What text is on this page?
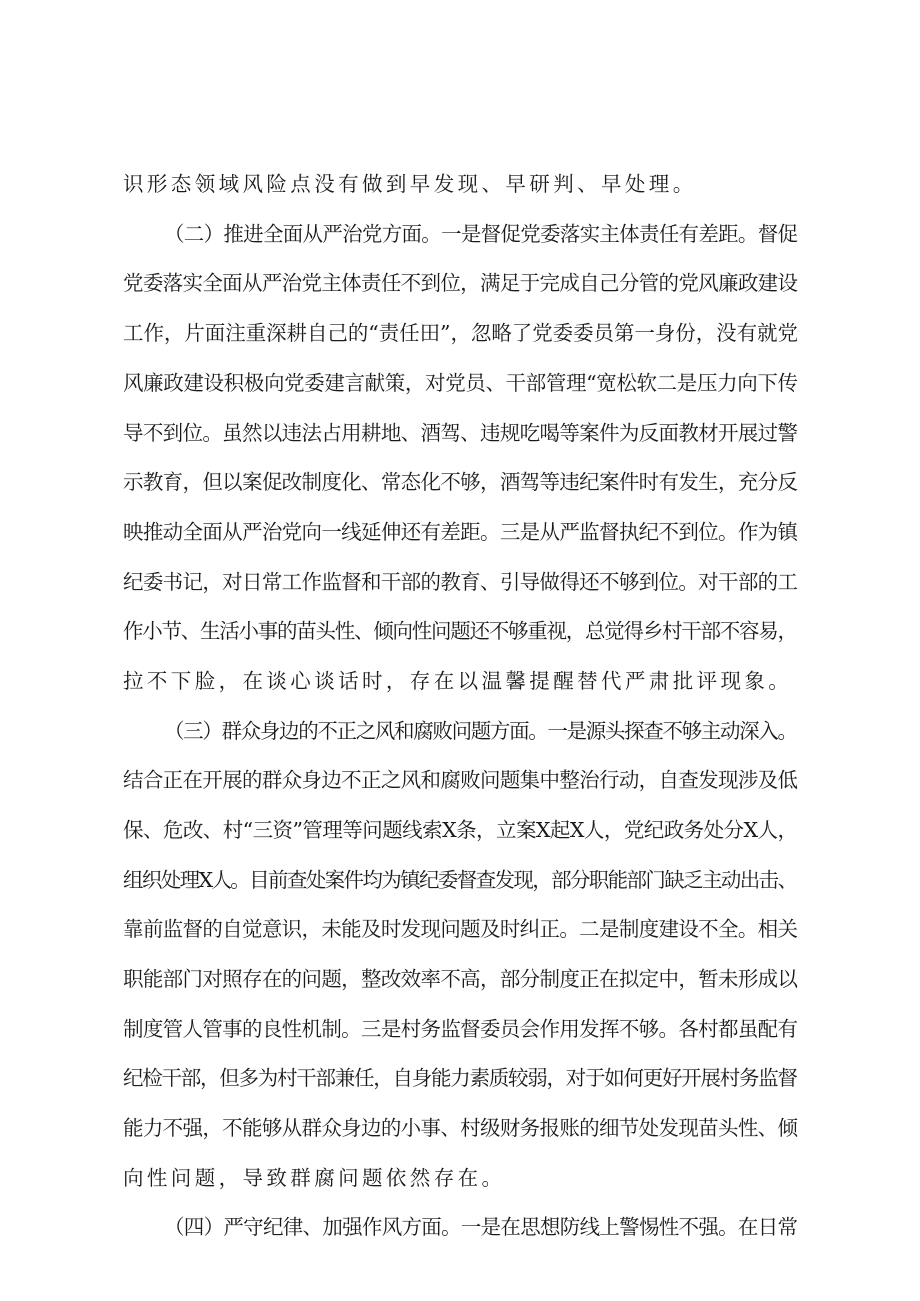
识形态领域风险点没有做到早发现、早研判、早处理。
（二）推进全面从严治党方面。一是督促党委落实主体责任有差距。督促
党委落实全面从严治党主体责任不到位，满足于完成自己分管的党风廉政建设
工作，片面注重深耕自己的“责任田”，忽略了党委委员第一身份，没有就党
风廉政建设积极向党委建言献策，对党员、干部管理“宽松软二是压力向下传
导不到位。虽然以违法占用耕地、酒驾、违规吃喝等案件为反面教材开展过警
示教育，但以案促改制度化、常态化不够，酒驾等违纪案件时有发生，充分反
映推动全面从严治党向一线延伸还有差距。三是从严监督执纪不到位。作为镇
纪委书记，对日常工作监督和干部的教育、引导做得还不够到位。对干部的工
作小节、生活小事的苗头性、倾向性问题还不够重视，总觉得乡村干部不容易，
拉不下脸，在谈心谈话时，存在以温馨提醒替代严肃批评现象。
（三）群众身边的不正之风和腐败问题方面。一是源头探查不够主动深入。
结合正在开展的群众身边不正之风和腐败问题集中整治行动，自查发现涉及低
保、危改、村“三资”管理等问题线索X条，立案X起X人，党纪政务处分X人，
组织处理X人。目前查处案件均为镇纪委督查发现，部分职能部门缺乏主动出击、
靠前监督的自觉意识，未能及时发现问题及时纠正。二是制度建设不全。相关
职能部门对照存在的问题，整改效率不高，部分制度正在拟定中，暂未形成以
制度管人管事的良性机制。三是村务监督委员会作用发挥不够。各村都虽配有
纪检干部，但多为村干部兼任，自身能力素质较弱，对于如何更好开展村务监督
能力不强，不能够从群众身边的小事、村级财务报账的细节处发现苗头性、倾
向性问题，导致群腐问题依然存在。
（四）严守纪律、加强作风方面。一是在思想防线上警惕性不强。在日常
